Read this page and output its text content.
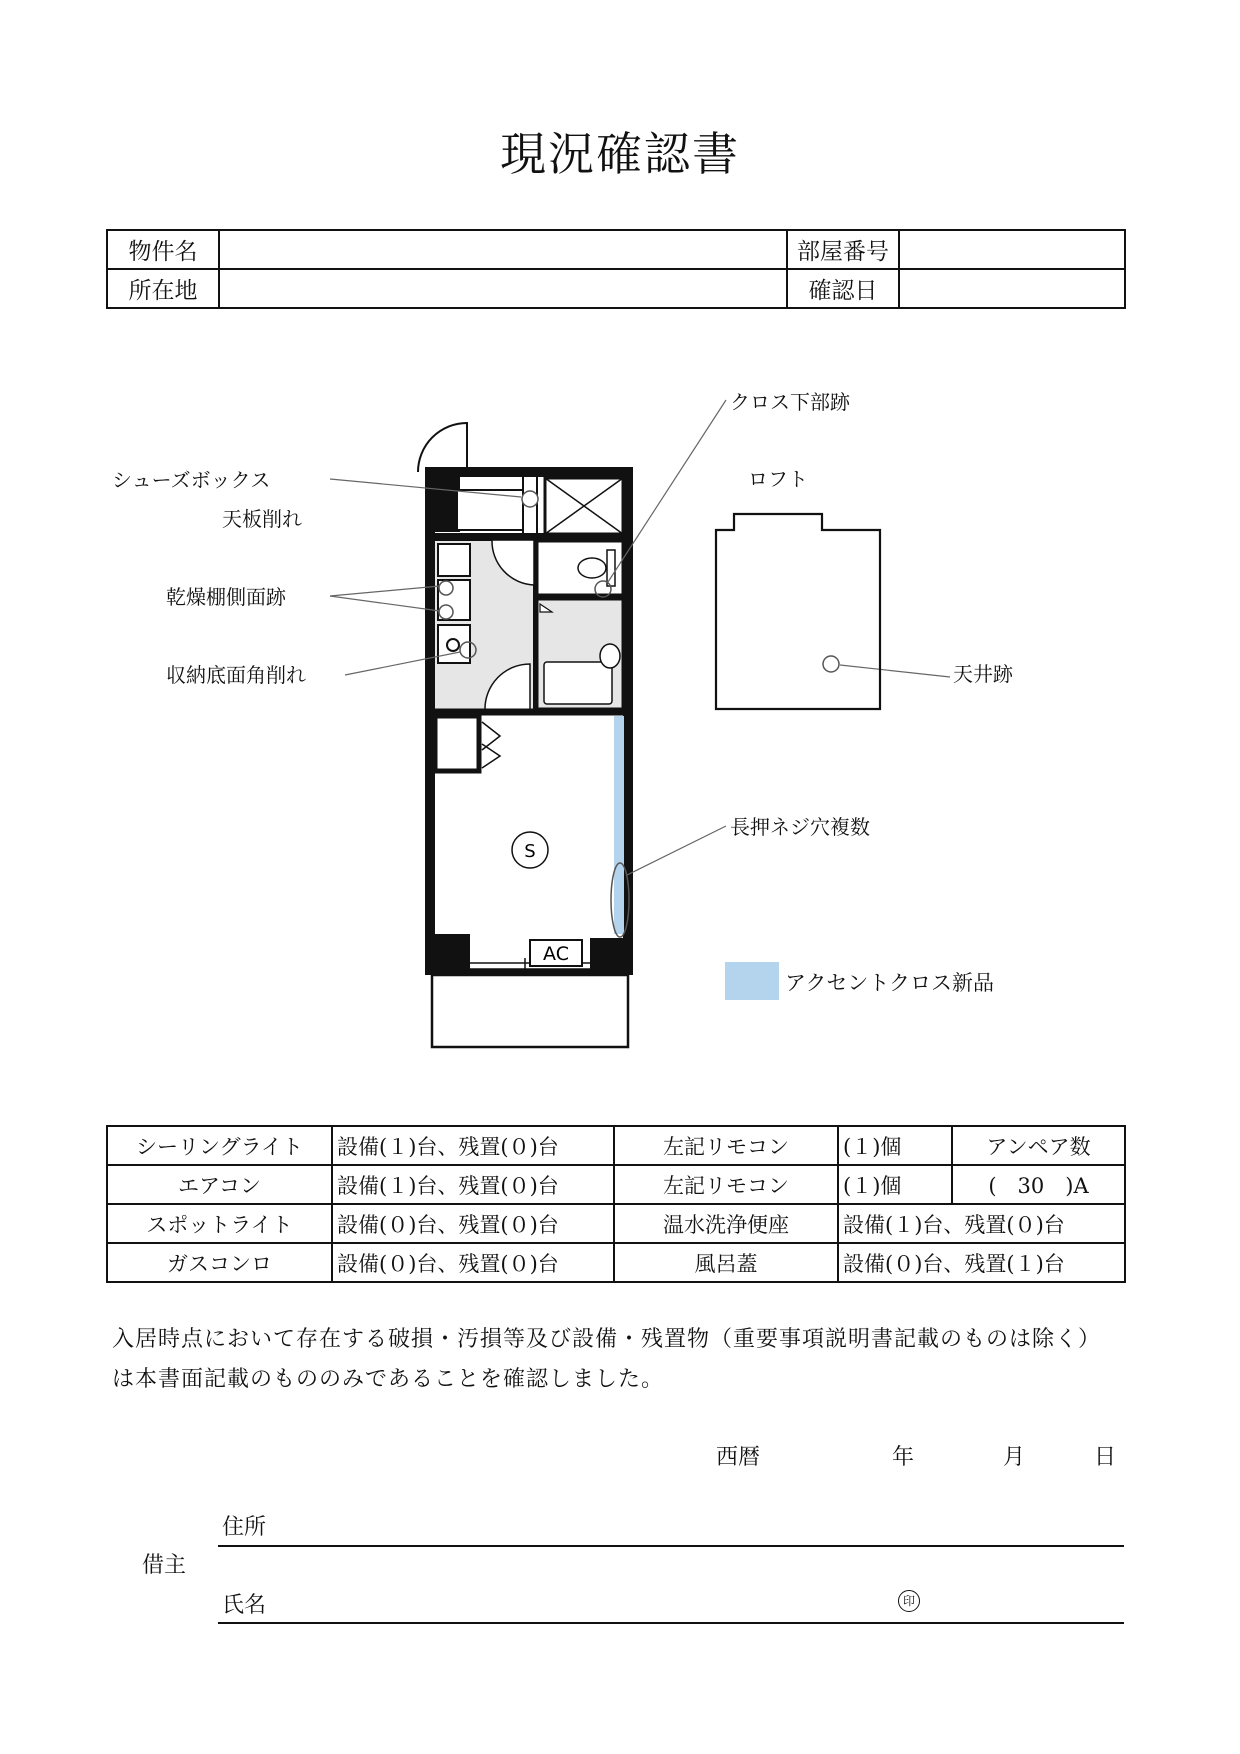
現況確認書
物件名		部屋番号	
所在地		確認日	
AC
S
シューズボックス
天板削れ
乾燥棚側面跡
収納底面角削れ
クロス下部跡
ロフト
天井跡
長押ネジ穴複数
アクセントクロス新品
シーリングライト	設備(１)台、残置(０)台	左記リモコン	(１)個	アンペア数
エアコン	設備(１)台、残置(０)台	左記リモコン	(１)個	(　30　)A
スポットライト	設備(０)台、残置(０)台	温水洗浄便座	設備(１)台、残置(０)台	
ガスコンロ	設備(０)台、残置(０)台	風呂蓋	設備(０)台、残置(１)台	
入居時点において存在する破損・汚損等及び設備・残置物（重要事項説明書記載のものは除く）は本書面記載のもののみであることを確認しました。
西暦	年	月	日
借主
住所
氏名	印
